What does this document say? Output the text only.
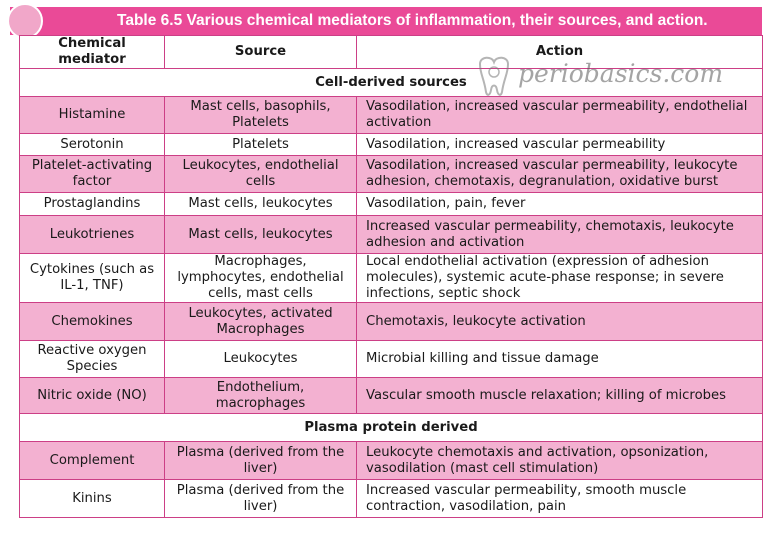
Table 6.5 Various chemical mediators of inflammation, their sources, and action.
Chemical mediator	Source	Action
Cell-derived sources		
Histamine	Mast cells, basophils, Platelets	Vasodilation, increased vascular permeability, endothelial activation
Serotonin	Platelets	Vasodilation, increased vascular permeability
Platelet-activating factor	Leukocytes, endothelial cells	Vasodilation, increased vascular permeability, leukocyte adhesion, chemotaxis, degranulation, oxidative burst
Prostaglandins	Mast cells, leukocytes	Vasodilation, pain, fever
Leukotrienes	Mast cells, leukocytes	Increased vascular permeability, chemotaxis, leukocyte adhesion and activation
Cytokines (such as IL-1, TNF)	Macrophages, lymphocytes, endothelial cells, mast cells	Local endothelial activation (expression of adhesion molecules), systemic acute-phase response; in severe infections, septic shock
Chemokines	Leukocytes, activated Macrophages	Chemotaxis, leukocyte activation
Reactive oxygen Species	Leukocytes	Microbial killing and tissue damage
Nitric oxide (NO)	Endothelium, macrophages	Vascular smooth muscle relaxation; killing of microbes
Plasma protein derived		
Complement	Plasma (derived from the liver)	Leukocyte chemotaxis and activation, opsonization, vasodilation (mast cell stimulation)
Kinins	Plasma (derived from the liver)	Increased vascular permeability, smooth muscle contraction, vasodilation, pain
periobasics.com
